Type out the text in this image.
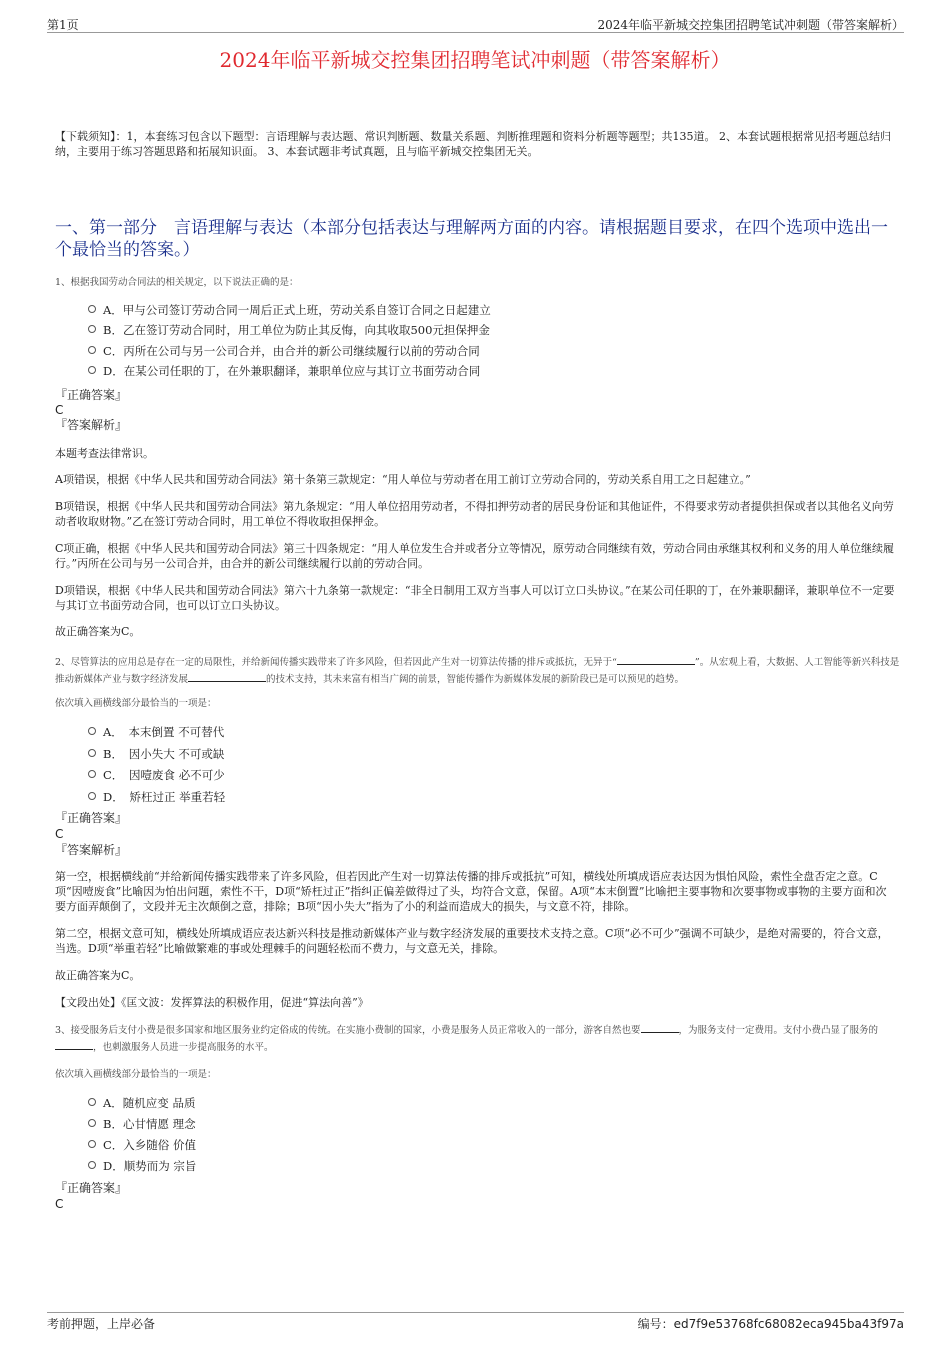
第1页	2024年临平新城交控集团招聘笔试冲刺题（带答案解析）
2024年临平新城交控集团招聘笔试冲刺题（带答案解析）
【下载须知】：1，本套练习包含以下题型：言语理解与表达题、常识判断题、数量关系题、判断推理题和资料分析题等题型；共135道。 2、本套试题根据常见招考题总结归纳，主要用于练习答题思路和拓展知识面。 3、本套试题非考试真题，且与临平新城交控集团无关。
一、第一部分　言语理解与表达（本部分包括表达与理解两方面的内容。请根据题目要求，在四个选项中选出一个最恰当的答案。）
1、根据我国劳动合同法的相关规定，以下说法正确的是：
A．甲与公司签订劳动合同一周后正式上班，劳动关系自签订合同之日起建立
B．乙在签订劳动合同时，用工单位为防止其反悔，向其收取500元担保押金
C．丙所在公司与另一公司合并，由合并的新公司继续履行以前的劳动合同
D．在某公司任职的丁，在外兼职翻译，兼职单位应与其订立书面劳动合同
『正确答案』
C
『答案解析』
本题考查法律常识。
A项错误，根据《中华人民共和国劳动合同法》第十条第三款规定：“用人单位与劳动者在用工前订立劳动合同的，劳动关系自用工之日起建立。”
B项错误，根据《中华人民共和国劳动合同法》第九条规定：“用人单位招用劳动者，不得扣押劳动者的居民身份证和其他证件，不得要求劳动者提供担保或者以其他名义向劳动者收取财物。”乙在签订劳动合同时，用工单位不得收取担保押金。
C项正确，根据《中华人民共和国劳动合同法》第三十四条规定：“用人单位发生合并或者分立等情况，原劳动合同继续有效，劳动合同由承继其权利和义务的用人单位继续履行。”丙所在公司与另一公司合并，由合并的新公司继续履行以前的劳动合同。
D项错误，根据《中华人民共和国劳动合同法》第六十九条第一款规定：“非全日制用工双方当事人可以订立口头协议。”在某公司任职的丁，在外兼职翻译，兼职单位不一定要与其订立书面劳动合同，也可以订立口头协议。
故正确答案为C。
2、尽管算法的应用总是存在一定的局限性，并给新闻传播实践带来了许多风险，但若因此产生对一切算法传播的排斥或抵抗，无异于“	”。从宏观上看，大数据、人工智能等新兴科技是推动新媒体产业与数字经济发展	的技术支持，其未来富有相当广阔的前景，智能传播作为新媒体发展的新阶段已是可以预见的趋势。
依次填入画横线部分最恰当的一项是：
A．　本末倒置 不可替代
B．　因小失大 不可或缺
C．　因噎废食 必不可少
D．　矫枉过正 举重若轻
『正确答案』
C
『答案解析』
第一空，根据横线前“并给新闻传播实践带来了许多风险，但若因此产生对一切算法传播的排斥或抵抗”可知，横线处所填成语应表达因为惧怕风险，索性全盘否定之意。C项“因噎废食”比喻因为怕出问题，索性不干，D项“矫枉过正”指纠正偏差做得过了头，均符合文意，保留。A项“本末倒置”比喻把主要事物和次要事物或事物的主要方面和次要方面弄颠倒了，文段并无主次颠倒之意，排除；B项“因小失大”指为了小的利益而造成大的损失，与文意不符，排除。
第二空，根据文意可知，横线处所填成语应表达新兴科技是推动新媒体产业与数字经济发展的重要技术支持之意。C项“必不可少”强调不可缺少，是绝对需要的，符合文意，当选。D项“举重若轻”比喻做繁难的事或处理棘手的问题轻松而不费力，与文意无关，排除。
故正确答案为C。
【文段出处】《匡文波：发挥算法的积极作用，促进“算法向善”》
3、接受服务后支付小费是很多国家和地区服务业约定俗成的传统。在实施小费制的国家，小费是服务人员正常收入的一部分，游客自然也要	，为服务支付一定费用。支付小费凸显了服务的，也刺激服务人员进一步提高服务的水平。
依次填入画横线部分最恰当的一项是：
A．随机应变 品质
B．心甘情愿 理念
C．入乡随俗 价值
D．顺势而为 宗旨
『正确答案』
C
考前押题，上岸必备	编号：ed7f9e53768fc68082eca945ba43f97a
